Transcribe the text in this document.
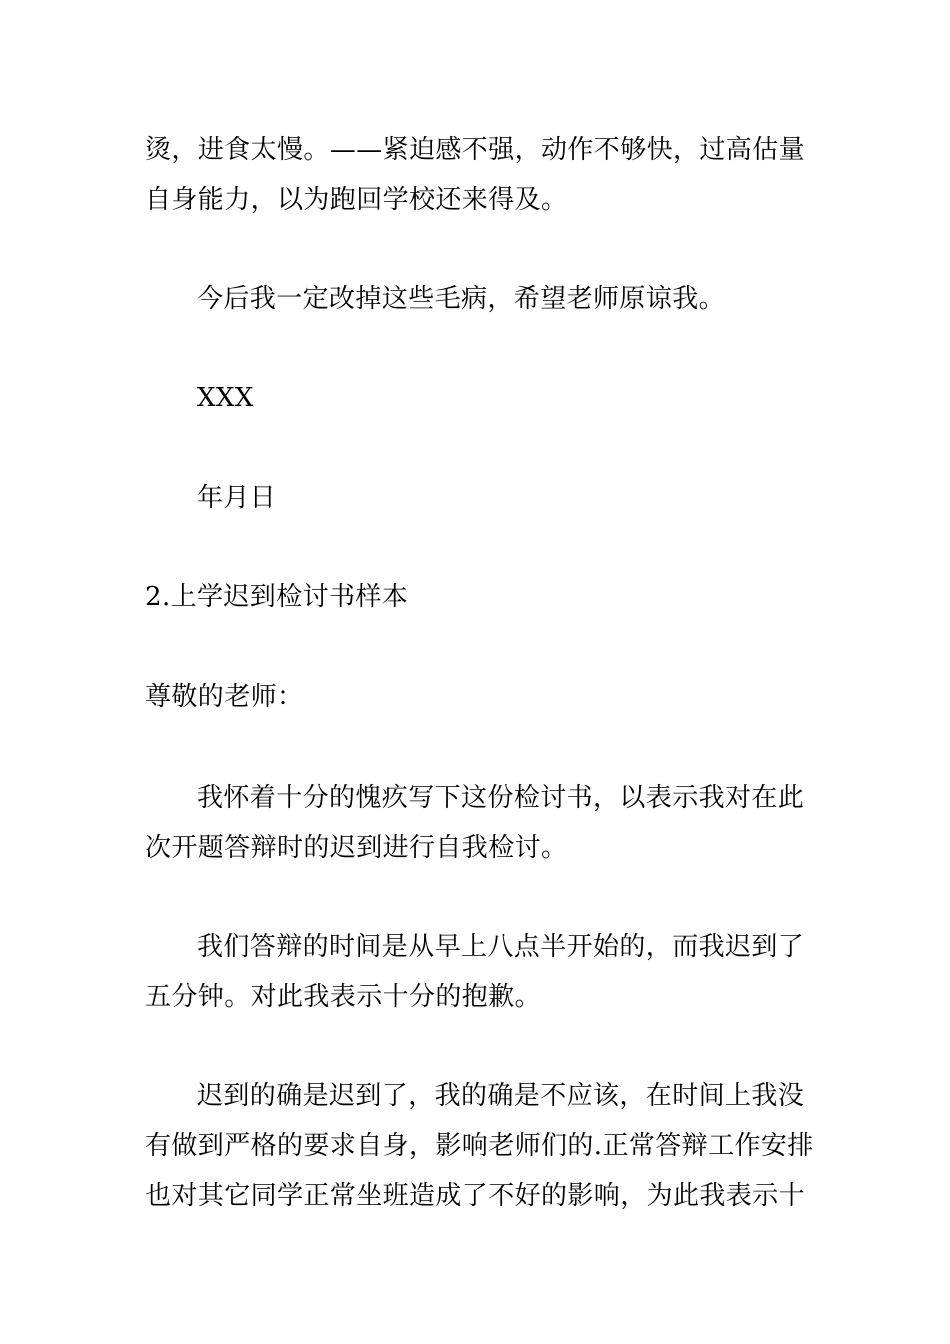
烫，进食太慢。——紧迫感不强，动作不够快，过高估量

自身能力，以为跑回学校还来得及。

今后我一定改掉这些毛病，希望老师原谅我。

XXX

年月日

2.上学迟到检讨书样本

尊敬的老师：

我怀着十分的愧疚写下这份检讨书，以表示我对在此

次开题答辩时的迟到进行自我检讨。

我们答辩的时间是从早上八点半开始的，而我迟到了

五分钟。对此我表示十分的抱歉。

迟到的确是迟到了，我的确是不应该，在时间上我没

有做到严格的要求自身，影响老师们的.正常答辩工作安排

也对其它同学正常坐班造成了不好的影响，为此我表示十
